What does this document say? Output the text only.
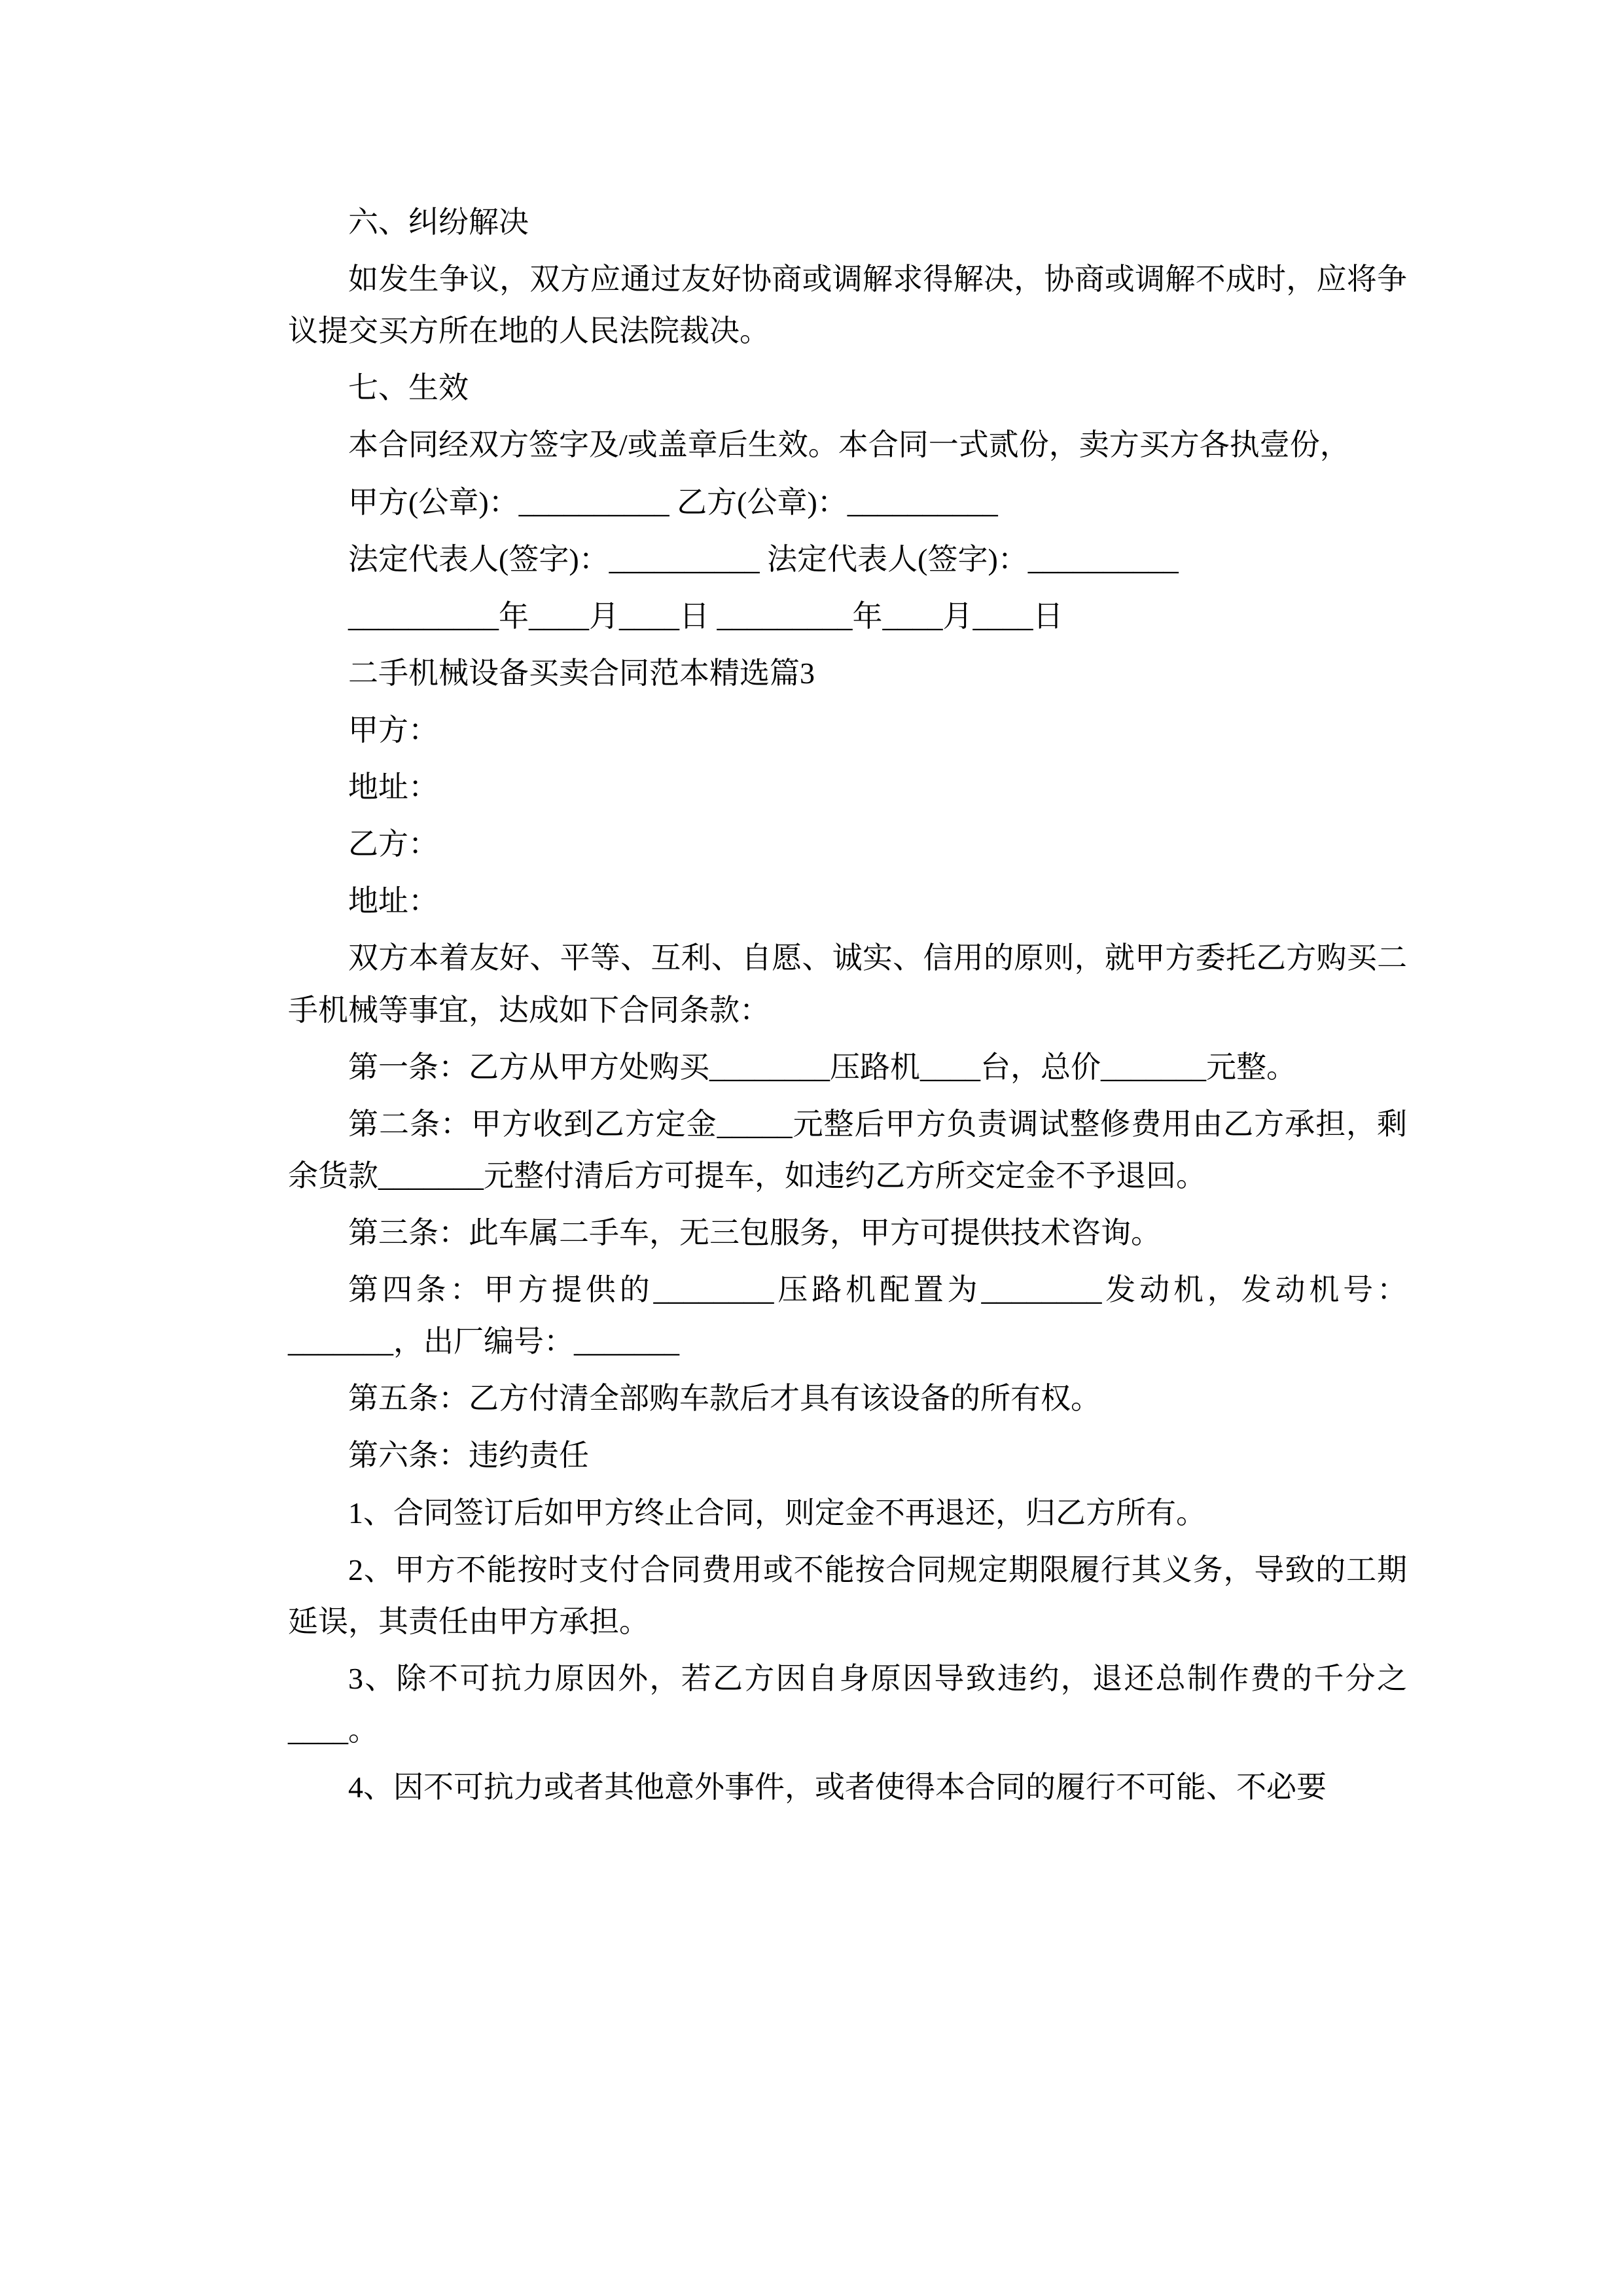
六、纠纷解决

如发生争议，双方应通过友好协商或调解求得解决，协商或调解不成时，应将争议提交买方所在地的人民法院裁决。

七、生效

本合同经双方签字及/或盖章后生效。本合同一式贰份，卖方买方各执壹份，

甲方(公章)：__________ 乙方(公章)：__________

法定代表人(签字)：__________ 法定代表人(签字)：__________

__________年____月____日 _________年____月____日

二手机械设备买卖合同范本精选篇3

甲方：

地址：

乙方：

地址：

双方本着友好、平等、互利、自愿、诚实、信用的原则，就甲方委托乙方购买二手机械等事宜，达成如下合同条款：

第一条：乙方从甲方处购买________压路机____台，总价_______元整。

第二条：甲方收到乙方定金_____元整后甲方负责调试整修费用由乙方承担，剩余货款_______元整付清后方可提车，如违约乙方所交定金不予退回。

第三条：此车属二手车，无三包服务，甲方可提供技术咨询。

第四条：甲方提供的________压路机配置为________发动机，发动机号：_______，出厂编号：_______

第五条：乙方付清全部购车款后才具有该设备的所有权。

第六条：违约责任

1、合同签订后如甲方终止合同，则定金不再退还，归乙方所有。

2、甲方不能按时支付合同费用或不能按合同规定期限履行其义务，导致的工期延误，其责任由甲方承担。

3、除不可抗力原因外，若乙方因自身原因导致违约，退还总制作费的千分之____。

4、因不可抗力或者其他意外事件，或者使得本合同的履行不可能、不必要
